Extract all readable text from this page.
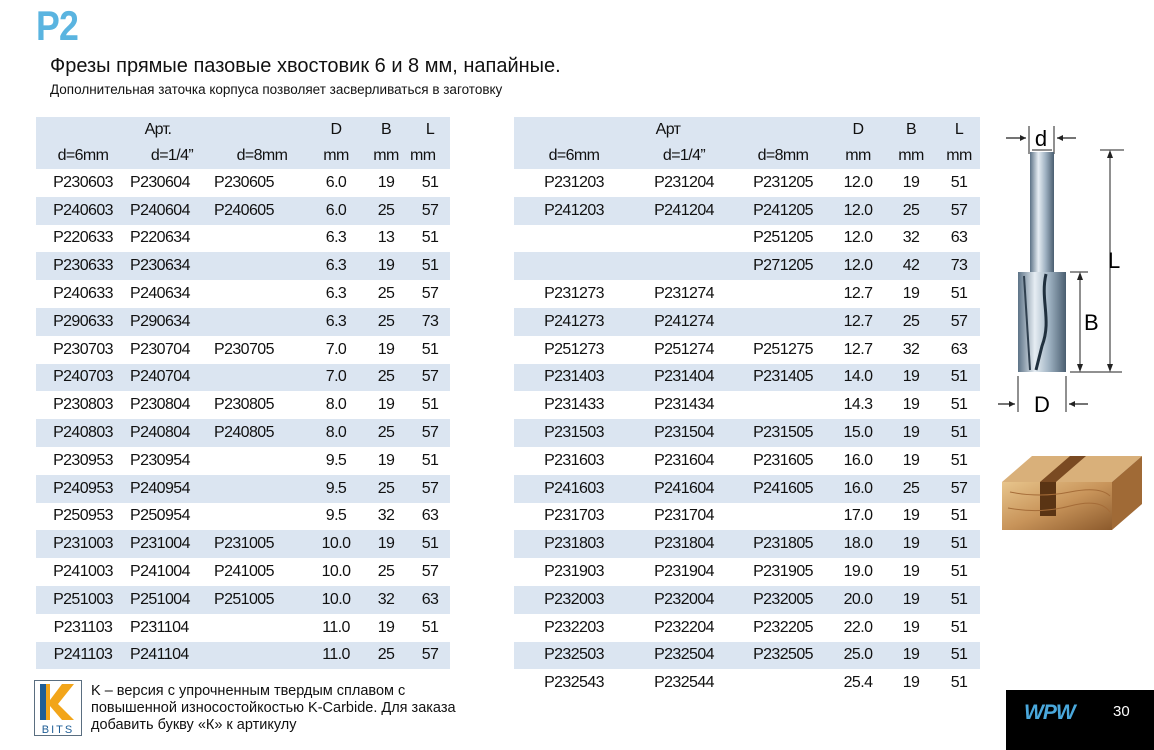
P2
Фрезы прямые пазовые хвостовик 6 и 8 мм, напайные.
Дополнительная заточка корпуса позволяет засверливаться в заготовку
Арт.			D	B	L
d=6mm	d=1/4”	d=8mm	mm	mm	mm
P230603	P230604	P230605	6.0	19	51
P240603	P240604	P240605	6.0	25	57
P220633	P220634		6.3	13	51
P230633	P230634		6.3	19	51
P240633	P240634		6.3	25	57
P290633	P290634		6.3	25	73
P230703	P230704	P230705	7.0	19	51
P240703	P240704		7.0	25	57
P230803	P230804	P230805	8.0	19	51
P240803	P240804	P240805	8.0	25	57
P230953	P230954		9.5	19	51
P240953	P240954		9.5	25	57
P250953	P250954		9.5	32	63
P231003	P231004	P231005	10.0	19	51
P241003	P241004	P241005	10.0	25	57
P251003	P251004	P251005	10.0	32	63
P231103	P231104		11.0	19	51
P241103	P241104		11.0	25	57
Арт			D	B	L
d=6mm	d=1/4”	d=8mm	mm	mm	mm
P231203	P231204	P231205	12.0	19	51
P241203	P241204	P241205	12.0	25	57
		P251205	12.0	32	63
		P271205	12.0	42	73
P231273	P231274		12.7	19	51
P241273	P241274		12.7	25	57
P251273	P251274	P251275	12.7	32	63
P231403	P231404	P231405	14.0	19	51
P231433	P231434		14.3	19	51
P231503	P231504	P231505	15.0	19	51
P231603	P231604	P231605	16.0	19	51
P241603	P241604	P241605	16.0	25	57
P231703	P231704		17.0	19	51
P231803	P231804	P231805	18.0	19	51
P231903	P231904	P231905	19.0	19	51
P232003	P232004	P232005	20.0	19	51
P232203	P232204	P232205	22.0	19	51
P232503	P232504	P232505	25.0	19	51
P232543	P232544		25.4	19	51
d
L
B
D
BITS
K – версия с упрочненным твердым сплавом с
повышенной износостойкостью K-Carbide. Для заказа
добавить букву «К» к артикулу
WPW	30
